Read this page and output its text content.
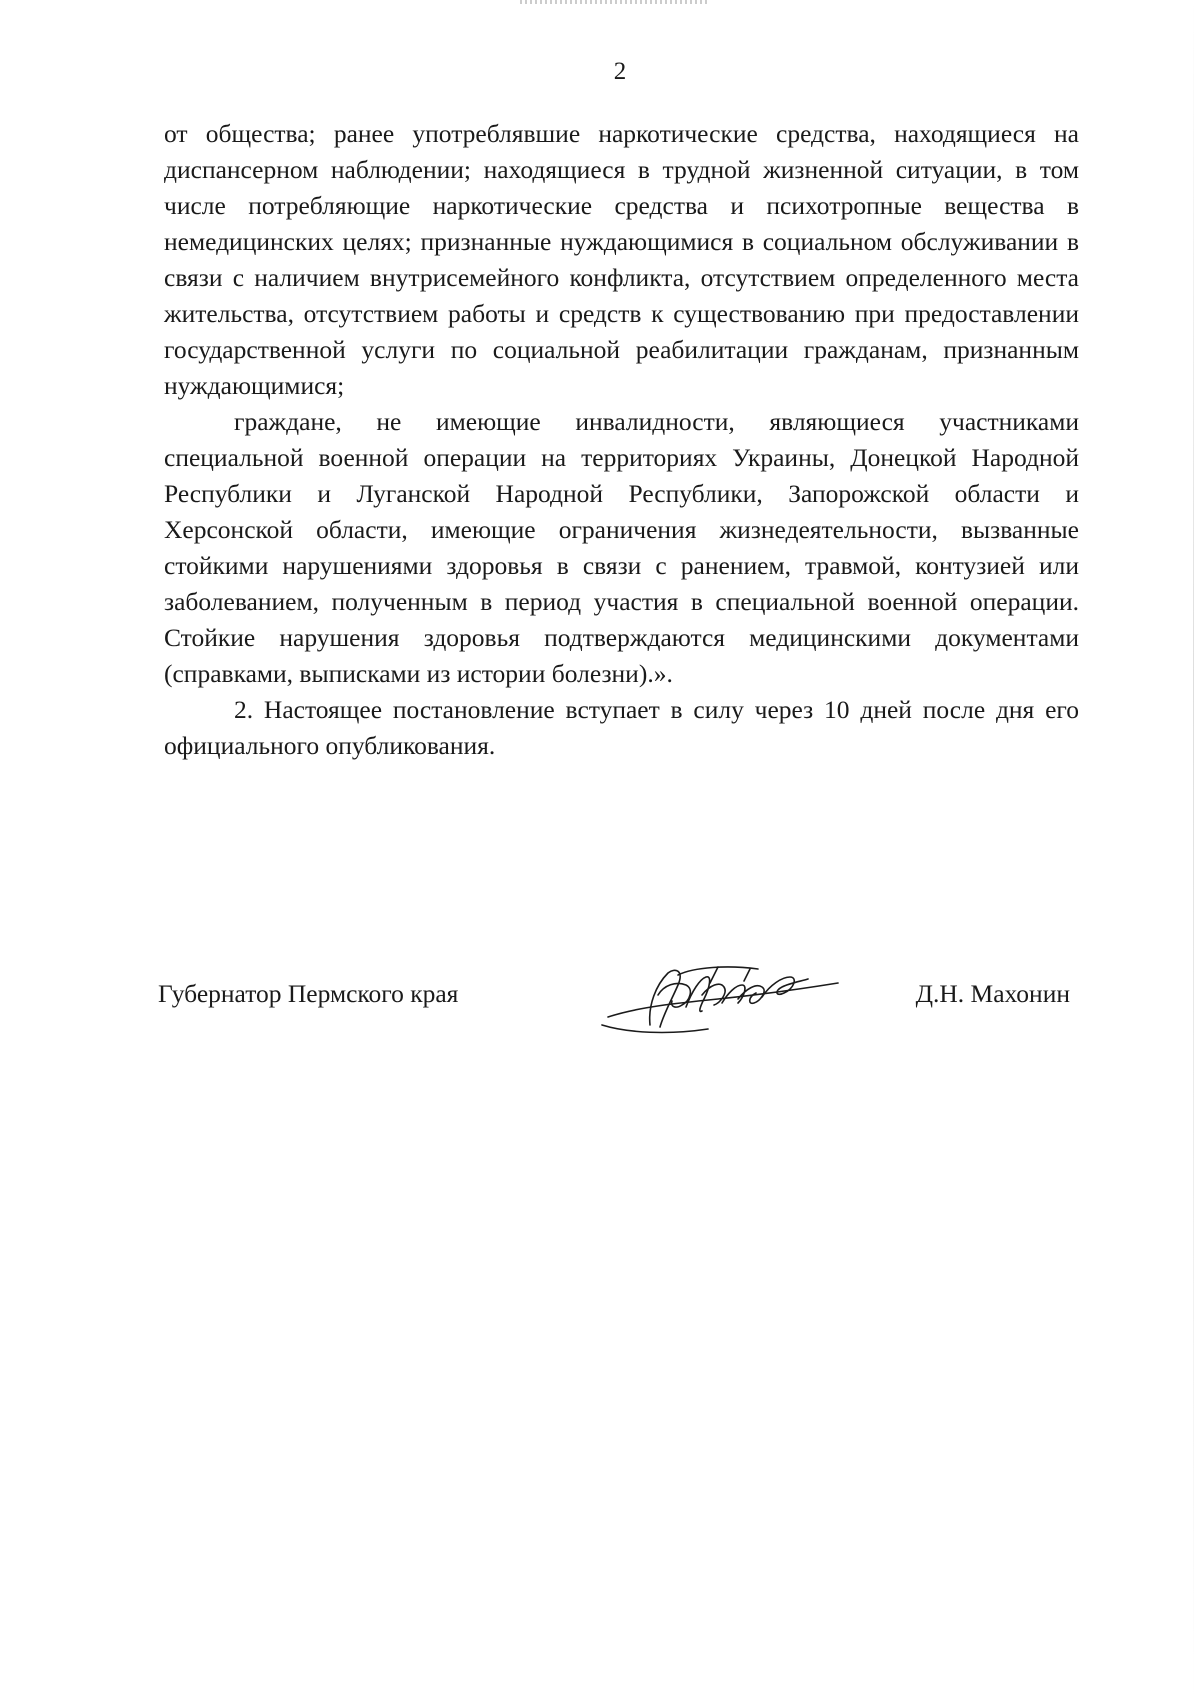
2

от общества; ранее употреблявшие наркотические средства, находящиеся на диспансерном наблюдении; находящиеся в трудной жизненной ситуации, в том числе потребляющие наркотические средства и психотропные вещества в немедицинских целях; признанные нуждающимися в социальном обслуживании в связи с наличием внутрисемейного конфликта, отсутствием определенного места жительства, отсутствием работы и средств к существованию при предоставлении государственной услуги по социальной реабилитации гражданам, признанным нуждающимися;

граждане, не имеющие инвалидности, являющиеся участниками специальной военной операции на территориях Украины, Донецкой Народной Республики и Луганской Народной Республики, Запорожской области и Херсонской области, имеющие ограничения жизнедеятельности, вызванные стойкими нарушениями здоровья в связи с ранением, травмой, контузией или заболеванием, полученным в период участия в специальной военной операции. Стойкие нарушения здоровья подтверждаются медицинскими документами (справками, выписками из истории болезни).».

2. Настоящее постановление вступает в силу через 10 дней после дня его официального опубликования.

Губернатор Пермского края	Д.Н. Махонин
